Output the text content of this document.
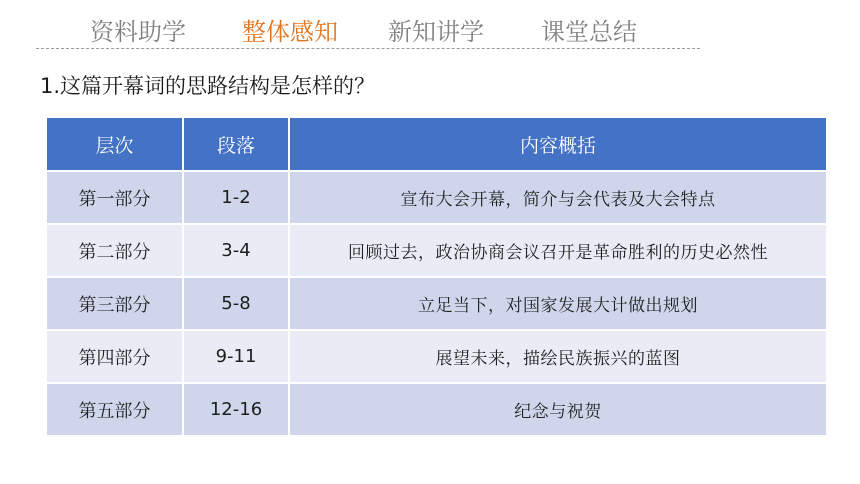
资料助学 整体感知 新知讲学 课堂总结
1.这篇开幕词的思路结构是怎样的？
层次	段落	内容概括
第一部分	1-2	宣布大会开幕，简介与会代表及大会特点
第二部分	3-4	回顾过去，政治协商会议召开是革命胜利的历史必然性
第三部分	5-8	立足当下，对国家发展大计做出规划
第四部分	9-11	展望未来，描绘民族振兴的蓝图
第五部分	12-16	纪念与祝贺
